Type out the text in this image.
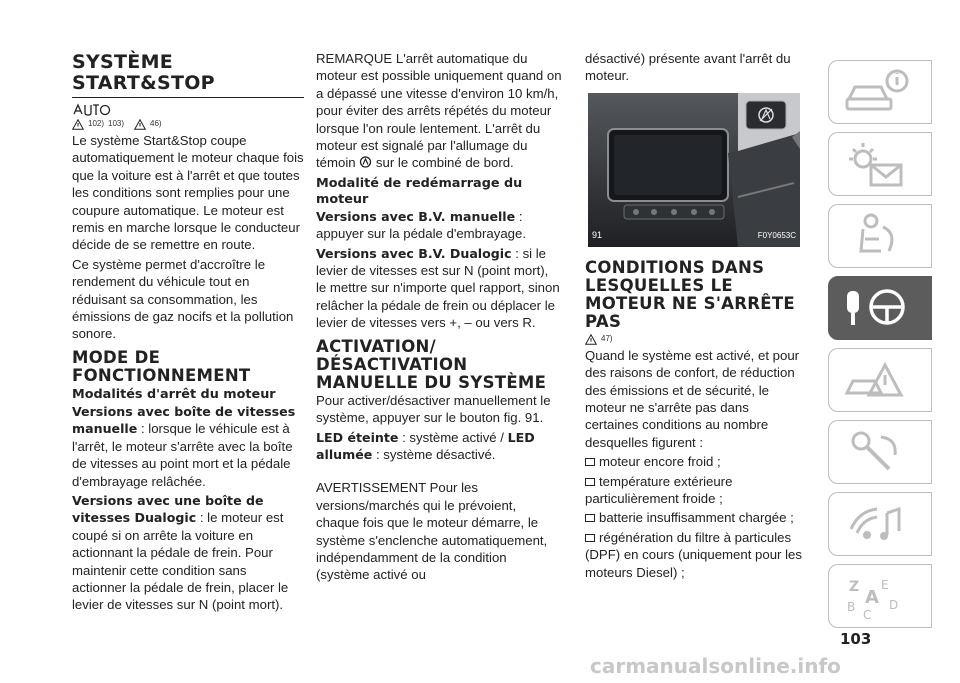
SYSTÈME
START&STOP
102) 103)	46)

Le système Start&Stop coupe automatiquement le moteur chaque fois que la voiture est à l'arrêt et que toutes les conditions sont remplies pour une coupure automatique. Le moteur est remis en marche lorsque le conducteur décide de se remettre en route.

Ce système permet d'accroître le rendement du véhicule tout en réduisant sa consommation, les émissions de gaz nocifs et la pollution sonore.

MODE DE
FONCTIONNEMENT
Modalités d'arrêt du moteur

Versions avec boîte de vitesses manuelle : lorsque le véhicule est à l'arrêt, le moteur s'arrête avec la boîte de vitesses au point mort et la pédale d'embrayage relâchée.

Versions avec une boîte de vitesses Dualogic : le moteur est coupé si on arrête la voiture en actionnant la pédale de frein. Pour maintenir cette condition sans actionner la pédale de frein, placer le levier de vitesses sur N (point mort).

REMARQUE L'arrêt automatique du moteur est possible uniquement quand on a dépassé une vitesse d'environ 10 km/h, pour éviter des arrêts répétés du moteur lorsque l'on roule lentement. L'arrêt du moteur est signalé par l'allumage du témoin  sur le combiné de bord.

Modalité de redémarrage du
moteur

Versions avec B.V. manuelle : appuyer sur la pédale d'embrayage.

Versions avec B.V. Dualogic : si le levier de vitesses est sur N (point mort), le mettre sur n'importe quel rapport, sinon relâcher la pédale de frein ou déplacer le levier de vitesses vers +, – ou vers R.

ACTIVATION/
DÉSACTIVATION
MANUELLE DU SYSTÈME

Pour activer/désactiver manuellement le système, appuyer sur le bouton fig. 91.

LED éteinte : système activé / LED allumée : système désactivé.

AVERTISSEMENT Pour les versions/marchés qui le prévoient, chaque fois que le moteur démarre, le système s'enclenche automatiquement, indépendamment de la condition (système activé ou

désactivé) présente avant l'arrêt du moteur.

91	F0Y0653C
CONDITIONS DANS
LESQUELLES LE
MOTEUR NE S'ARRÊTE
PAS
47)

Quand le système est activé, et pour des raisons de confort, de réduction des émissions et de sécurité, le moteur ne s'arrête pas dans certaines conditions au nombre desquelles figurent :

moteur encore froid ;

température extérieure particulièrement froide ;

batterie insuffisamment chargée ;

régénération du filtre à particules (DPF) en cours (uniquement pour les moteurs Diesel) ;

Z E
A
B	D
C
103
carmanualsonline.info
